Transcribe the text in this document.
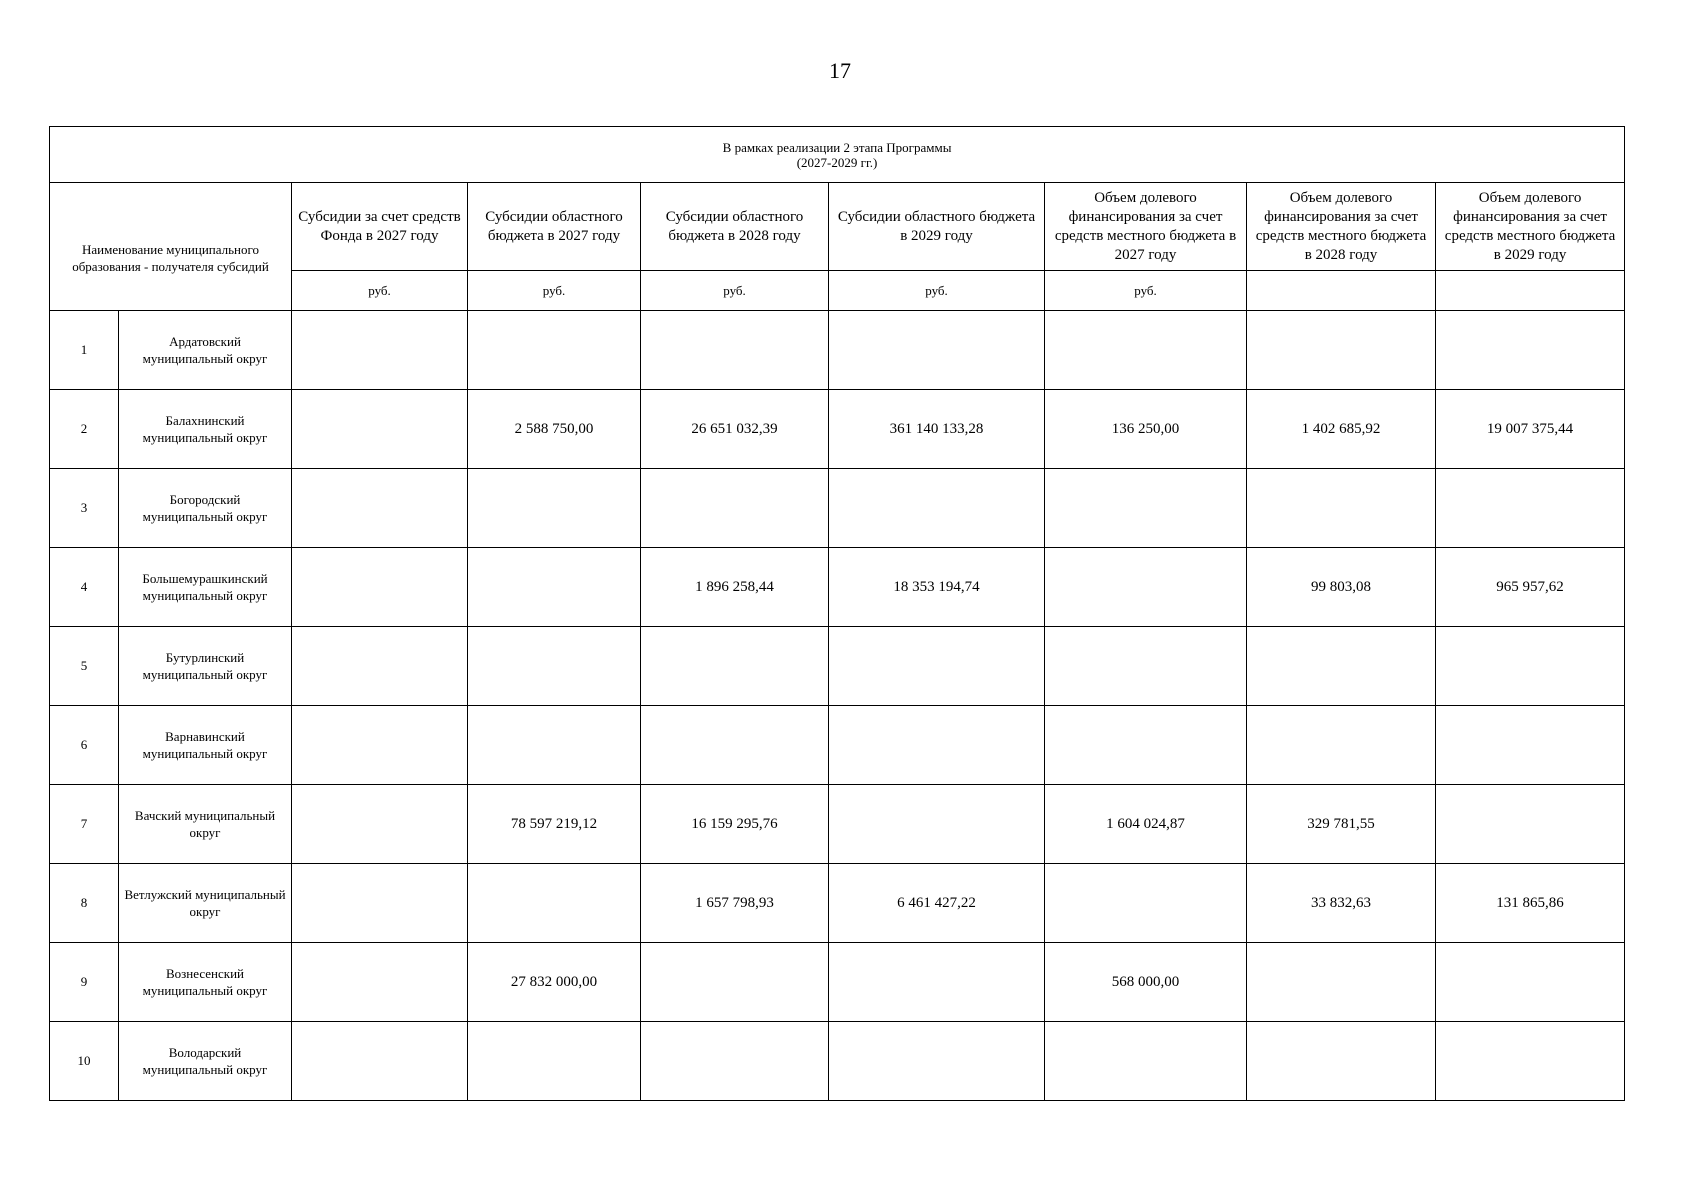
17
В рамках реализации 2 этапа Программы
(2027-2029 гг.)								

Наименование муниципального образования - получателя субсидий		Субсидии за счет средств Фонда в 2027 году	Субсидии областного бюджета в 2027 году	Субсидии областного бюджета в 2028 году	Субсидии областного бюджета в 2029 году	Объем долевого финансирования за счет средств местного бюджета в 2027 году	Объем долевого финансирования за счет средств местного бюджета в 2028 году	Объем долевого финансирования за счет средств местного бюджета в 2029 году
		руб.	руб.	руб.	руб.	руб.		
1	Ардатовский муниципальный округ							
2	Балахнинский муниципальный округ		2 588 750,00	26 651 032,39	361 140 133,28	136 250,00	1 402 685,92	19 007 375,44
3	Богородский муниципальный округ							
4	Большемурашкинский муниципальный округ			1 896 258,44	18 353 194,74		99 803,08	965 957,62
5	Бутурлинский муниципальный округ							
6	Варнавинский муниципальный округ							
7	Вачский муниципальный округ		78 597 219,12	16 159 295,76		1 604 024,87	329 781,55	
8	Ветлужский муниципальный округ			1 657 798,93	6 461 427,22		33 832,63	131 865,86
9	Вознесенский муниципальный округ		27 832 000,00			568 000,00		
10	Володарский муниципальный округ							
